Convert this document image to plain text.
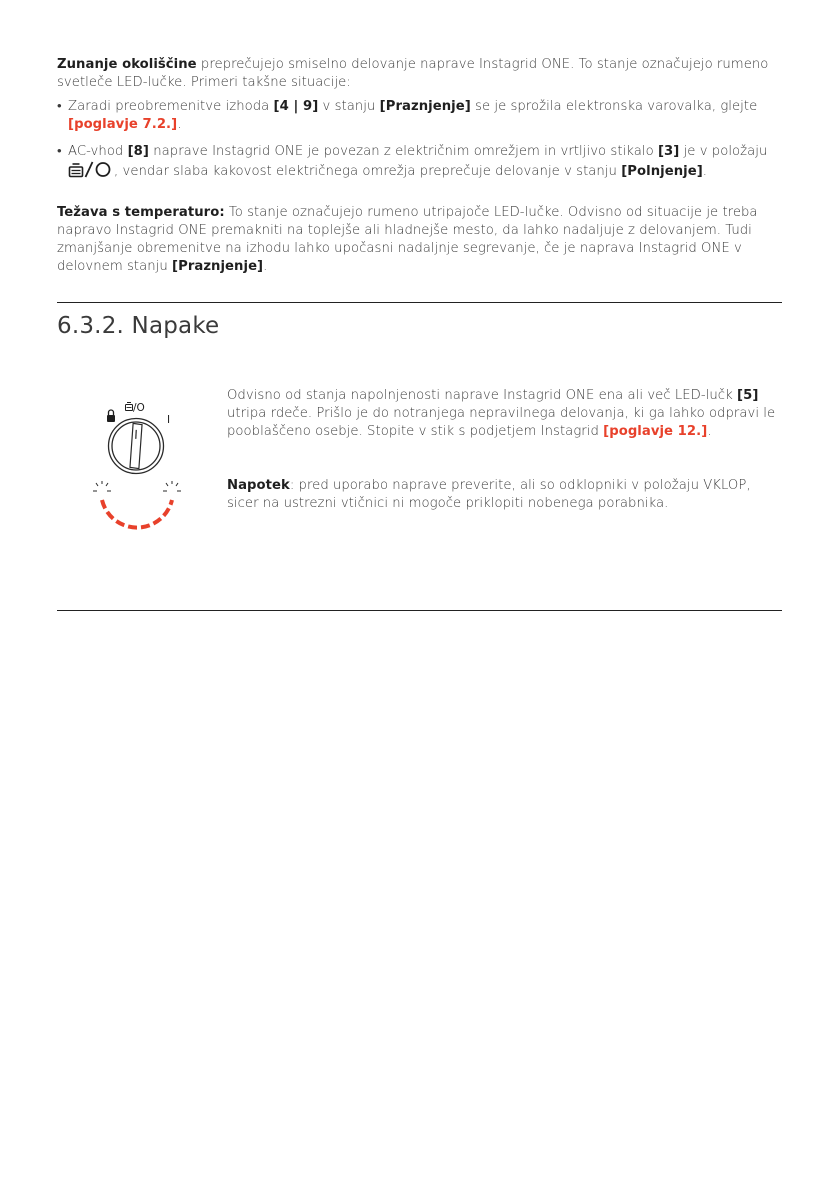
Zunanje okoliščine preprečujejo smiselno delovanje naprave Instagrid ONE. To stanje označujejo rumeno svetleče LED-lučke. Primeri takšne situacije:

• Zaradi preobremenitve izhoda [4 | 9] v stanju [Praznjenje] se je sprožila elektronska varovalka, glejte [poglavje 7.2.].
• AC-vhod [8] naprave Instagrid ONE je povezan z električnim omrežjem in vrtljivo stikalo [3] je v položaju , vendar slaba kakovost električnega omrežja preprečuje delovanje v stanju [Polnjenje].

Težava s temperaturo: To stanje označujejo rumeno utripajoče LED-lučke. Odvisno od situacije je treba napravo Instagrid ONE premakniti na toplejše ali hladnejše mesto, da lahko nadaljuje z delovanjem. Tudi zmanjšanje obremenitve na izhodu lahko upočasni nadaljnje segrevanje, če je naprava Instagrid ONE v delovnem stanju [Praznjenje].

6.3.2. Napake
/O
I

Odvisno od stanja napolnjenosti naprave Instagrid ONE ena ali več LED-lučk [5] utripa rdeče. Prišlo je do notranjega nepravilnega delovanja, ki ga lahko odpravi le pooblaščeno osebje. Stopite v stik s podjetjem Instagrid [poglavje 12.].

Napotek: pred uporabo naprave preverite, ali so odklopniki v položaju VKLOP, sicer na ustrezni vtičnici ni mogoče priklopiti nobenega porabnika.
